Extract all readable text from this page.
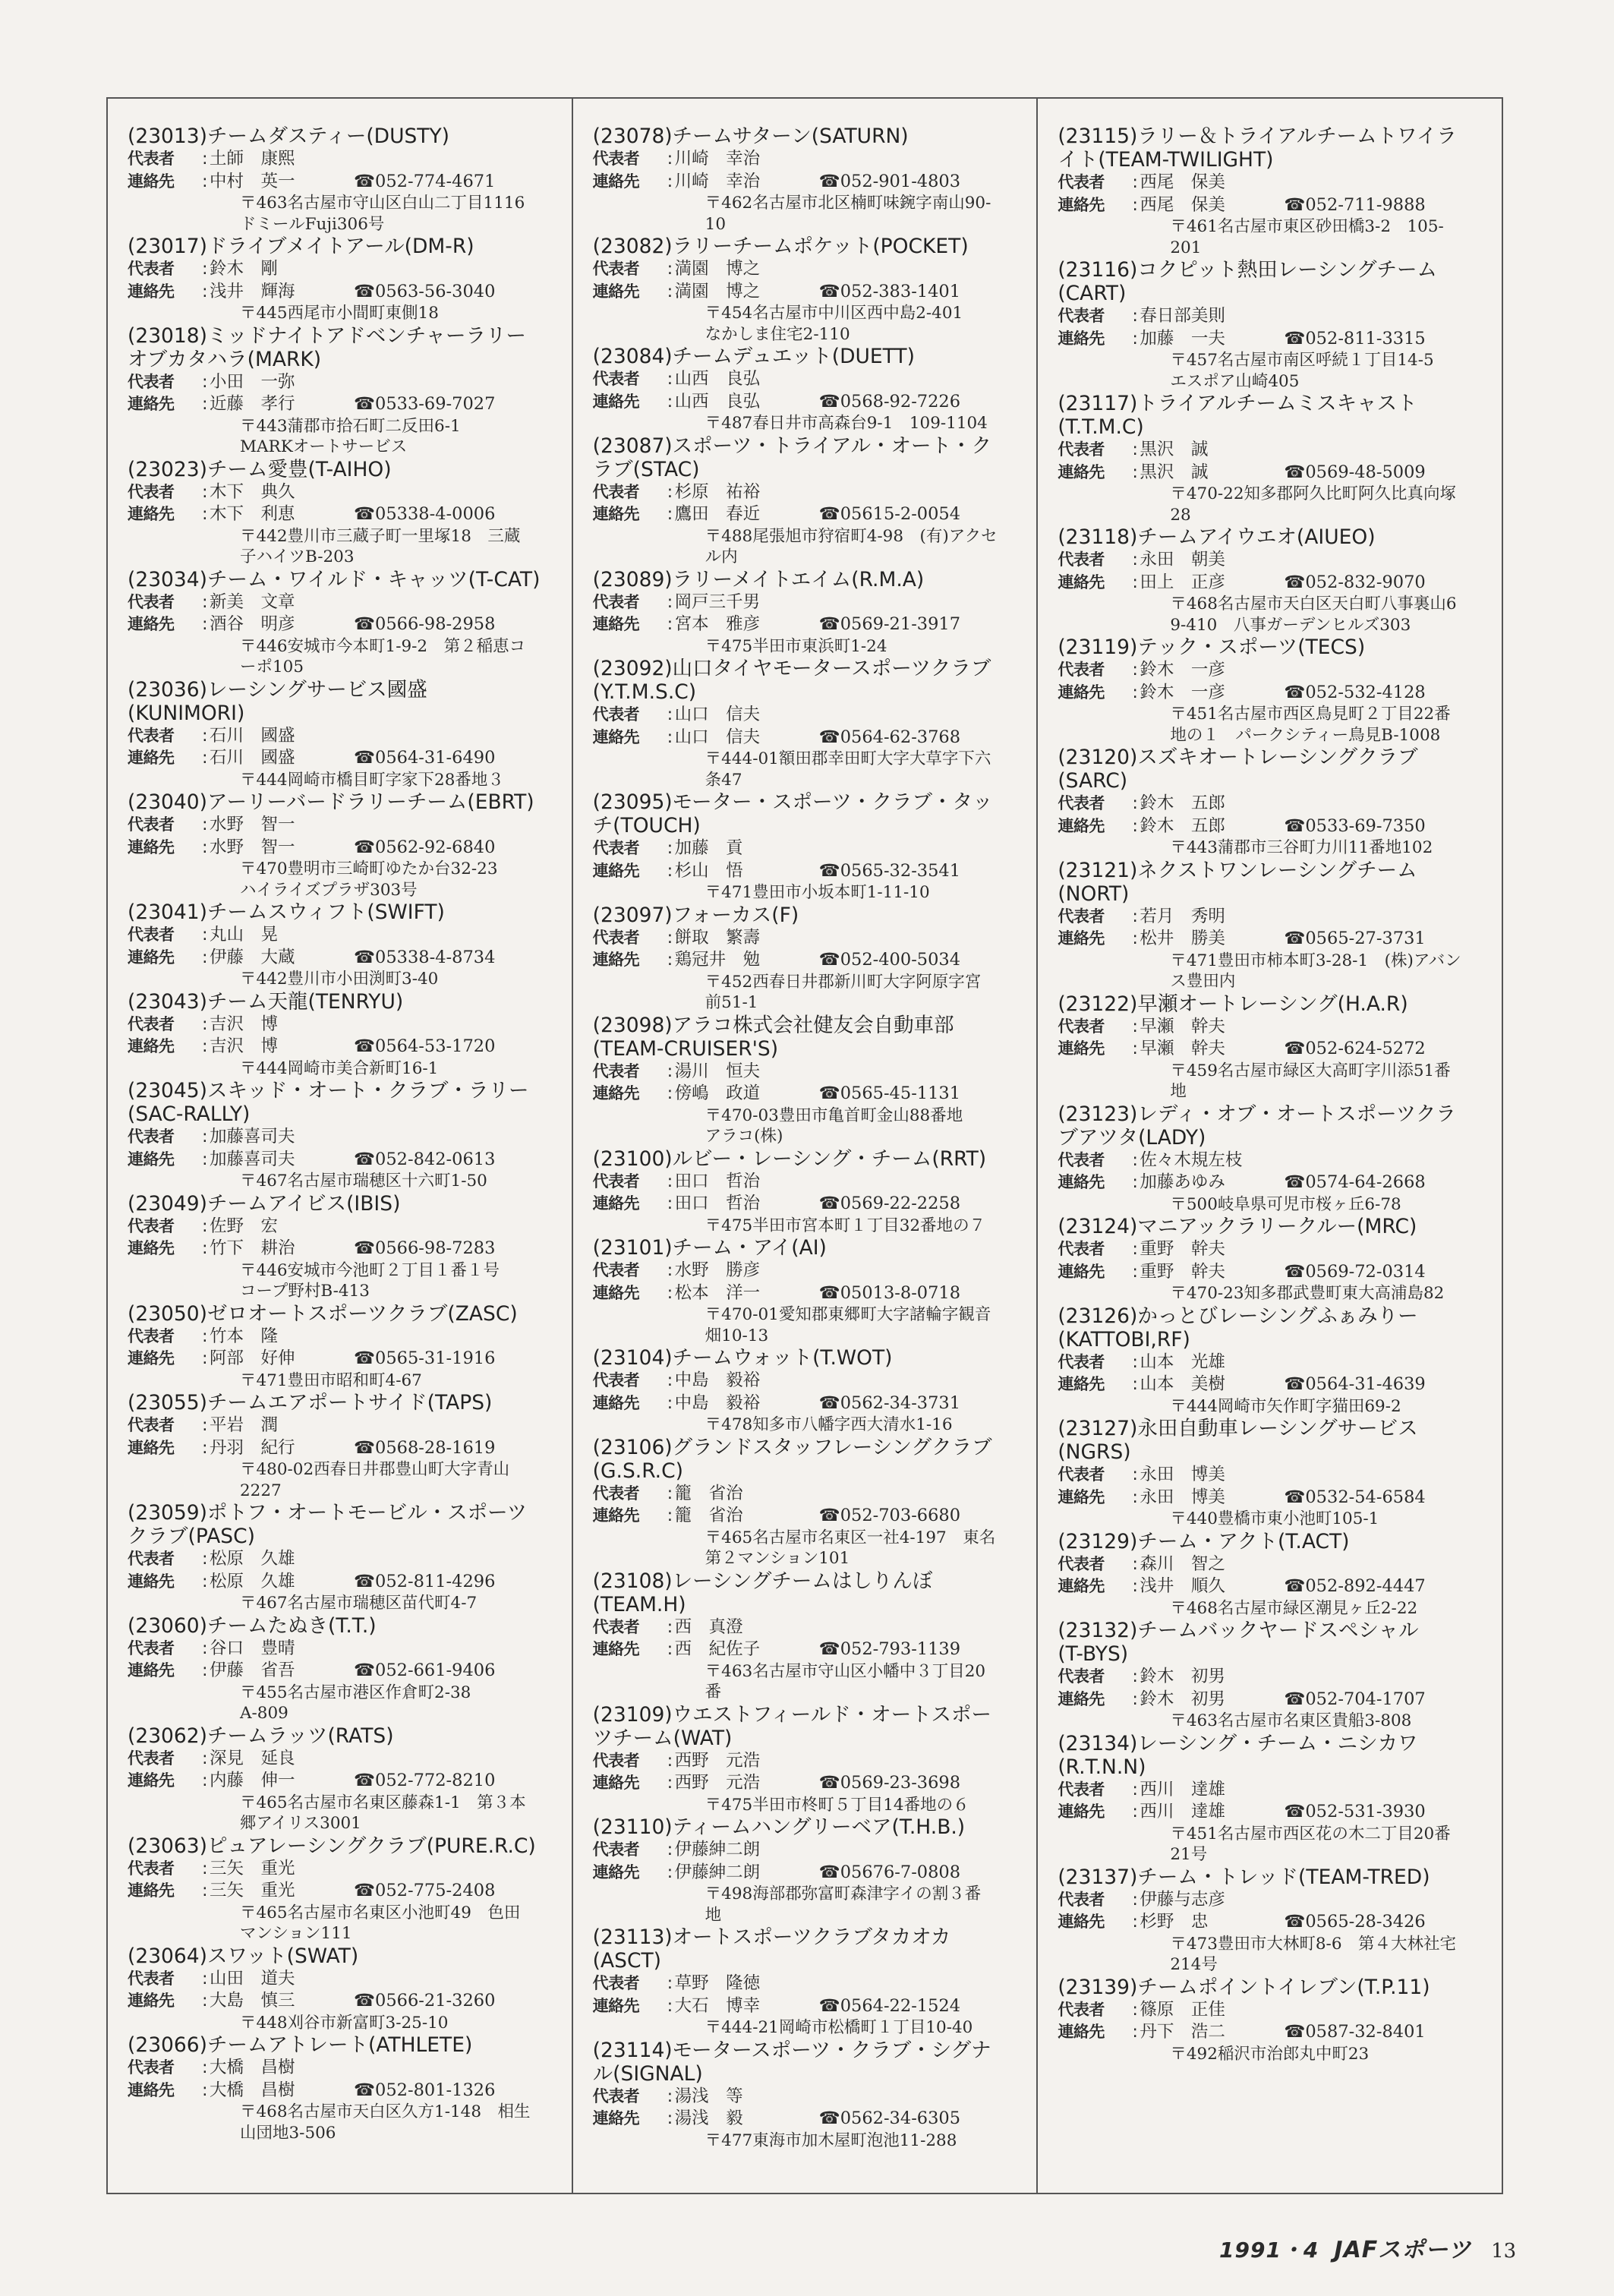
(23013)チームダスティー(DUSTY)
代表者	: 土師　康熙
連絡先	: 中村　英一	☎052-774-4671
〒463名古屋市守山区白山二丁目1116
ドミールFuji306号
(23017)ドライブメイトアール(DM-R)
代表者	: 鈴木　剛
連絡先	: 浅井　輝海	☎0563-56-3040
〒445西尾市小間町東側18
(23018)ミッドナイトアドベンチャーラリー
オブカタハラ(MARK)
代表者	: 小田　一弥
連絡先	: 近藤　孝行	☎0533-69-7027
〒443蒲郡市拾石町二反田6-1
MARKオートサービス
(23023)チーム愛豊(T-AIHO)
代表者	: 木下　典久
連絡先	: 木下　利恵	☎05338-4-0006
〒442豊川市三蔵子町一里塚18　三蔵
子ハイツB-203
(23034)チーム・ワイルド・キャッツ(T-CAT)
代表者	: 新美　文章
連絡先	: 酒谷　明彦	☎0566-98-2958
〒446安城市今本町1-9-2　第２稲恵コ
ーポ105
(23036)レーシングサービス國盛
(KUNIMORI)
代表者	: 石川　國盛
連絡先	: 石川　國盛	☎0564-31-6490
〒444岡崎市橋目町字家下28番地３
(23040)アーリーバードラリーチーム(EBRT)
代表者	: 水野　智一
連絡先	: 水野　智一	☎0562-92-6840
〒470豊明市三崎町ゆたか台32-23
ハイライズプラザ303号
(23041)チームスウィフト(SWIFT)
代表者	: 丸山　晃
連絡先	: 伊藤　大蔵	☎05338-4-8734
〒442豊川市小田渕町3-40
(23043)チーム天龍(TENRYU)
代表者	: 吉沢　博
連絡先	: 吉沢　博	☎0564-53-1720
〒444岡崎市美合新町16-1
(23045)スキッド・オート・クラブ・ラリー
(SAC-RALLY)
代表者	: 加藤喜司夫
連絡先	: 加藤喜司夫	☎052-842-0613
〒467名古屋市瑞穂区十六町1-50
(23049)チームアイビス(IBIS)
代表者	: 佐野　宏
連絡先	: 竹下　耕治	☎0566-98-7283
〒446安城市今池町２丁目１番１号
コープ野村B-413
(23050)ゼロオートスポーツクラブ(ZASC)
代表者	: 竹本　隆
連絡先	: 阿部　好伸	☎0565-31-1916
〒471豊田市昭和町4-67
(23055)チームエアポートサイド(TAPS)
代表者	: 平岩　潤
連絡先	: 丹羽　紀行	☎0568-28-1619
〒480-02西春日井郡豊山町大字青山
2227
(23059)ポトフ・オートモービル・スポーツ
クラブ(PASC)
代表者	: 松原　久雄
連絡先	: 松原　久雄	☎052-811-4296
〒467名古屋市瑞穂区苗代町4-7
(23060)チームたぬき(T.T.)
代表者	: 谷口　豊晴
連絡先	: 伊藤　省吾	☎052-661-9406
〒455名古屋市港区作倉町2-38
A-809
(23062)チームラッツ(RATS)
代表者	: 深見　延良
連絡先	: 内藤　伸一	☎052-772-8210
〒465名古屋市名東区藤森1-1　第３本
郷アイリス3001
(23063)ピュアレーシングクラブ(PURE.R.C)
代表者	: 三矢　重光
連絡先	: 三矢　重光	☎052-775-2408
〒465名古屋市名東区小池町49　色田
マンション111
(23064)スワット(SWAT)
代表者	: 山田　道夫
連絡先	: 大島　慎三	☎0566-21-3260
〒448刈谷市新富町3-25-10
(23066)チームアトレート(ATHLETE)
代表者	: 大橋　昌樹
連絡先	: 大橋　昌樹	☎052-801-1326
〒468名古屋市天白区久方1-148　相生
山団地3-506
(23078)チームサターン(SATURN)
代表者	: 川崎　幸治
連絡先	: 川崎　幸治	☎052-901-4803
〒462名古屋市北区楠町味鋺字南山90-
10
(23082)ラリーチームポケット(POCKET)
代表者	: 満園　博之
連絡先	: 満園　博之	☎052-383-1401
〒454名古屋市中川区西中島2-401
なかしま住宅2-110
(23084)チームデュエット(DUETT)
代表者	: 山西　良弘
連絡先	: 山西　良弘	☎0568-92-7226
〒487春日井市高森台9-1　109-1104
(23087)スポーツ・トライアル・オート・ク
ラブ(STAC)
代表者	: 杉原　祐裕
連絡先	: 鷹田　春近	☎05615-2-0054
〒488尾張旭市狩宿町4-98　(有)アクセ
ル内
(23089)ラリーメイトエイム(R.M.A)
代表者	: 岡戸三千男
連絡先	: 宮本　雅彦	☎0569-21-3917
〒475半田市東浜町1-24
(23092)山口タイヤモータースポーツクラブ
(Y.T.M.S.C)
代表者	: 山口　信夫
連絡先	: 山口　信夫	☎0564-62-3768
〒444-01額田郡幸田町大字大草字下六
条47
(23095)モーター・スポーツ・クラブ・タッ
チ(TOUCH)
代表者	: 加藤　貢
連絡先	: 杉山　悟	☎0565-32-3541
〒471豊田市小坂本町1-11-10
(23097)フォーカス(F)
代表者	: 餅取　繁壽
連絡先	: 鶏冠井　勉	☎052-400-5034
〒452西春日井郡新川町大字阿原字宮
前51-1
(23098)アラコ株式会社健友会自動車部
(TEAM-CRUISER'S)
代表者	: 湯川　恒夫
連絡先	: 傍嶋　政道	☎0565-45-1131
〒470-03豊田市亀首町金山88番地
アラコ(株)
(23100)ルビー・レーシング・チーム(RRT)
代表者	: 田口　哲治
連絡先	: 田口　哲治	☎0569-22-2258
〒475半田市宮本町１丁目32番地の７
(23101)チーム・アイ(AI)
代表者	: 水野　勝彦
連絡先	: 松本　洋一	☎05013-8-0718
〒470-01愛知郡東郷町大字諸輪字観音
畑10-13
(23104)チームウォット(T.WOT)
代表者	: 中島　毅裕
連絡先	: 中島　毅裕	☎0562-34-3731
〒478知多市八幡字西大清水1-16
(23106)グランドスタッフレーシングクラブ
(G.S.R.C)
代表者	: 籠　省治
連絡先	: 籠　省治	☎052-703-6680
〒465名古屋市名東区一社4-197　東名
第２マンション101
(23108)レーシングチームはしりんぼ
(TEAM.H)
代表者	: 西　真澄
連絡先	: 西　紀佐子	☎052-793-1139
〒463名古屋市守山区小幡中３丁目20
番
(23109)ウエストフィールド・オートスポー
ツチーム(WAT)
代表者	: 西野　元浩
連絡先	: 西野　元浩	☎0569-23-3698
〒475半田市柊町５丁目14番地の６
(23110)ティームハングリーベア(T.H.B.)
代表者	: 伊藤紳二朗
連絡先	: 伊藤紳二朗	☎05676-7-0808
〒498海部郡弥富町森津字イの割３番
地
(23113)オートスポーツクラブタカオカ
(ASCT)
代表者	: 草野　隆徳
連絡先	: 大石　博幸	☎0564-22-1524
〒444-21岡崎市松橋町１丁目10-40
(23114)モータースポーツ・クラブ・シグナ
ル(SIGNAL)
代表者	: 湯浅　等
連絡先	: 湯浅　毅	☎0562-34-6305
〒477東海市加木屋町泡池11-288
(23115)ラリー＆トライアルチームトワイラ
イト(TEAM-TWILIGHT)
代表者	: 西尾　保美
連絡先	: 西尾　保美	☎052-711-9888
〒461名古屋市東区砂田橋3-2　105-
201
(23116)コクピット熱田レーシングチーム
(CART)
代表者	: 春日部美則
連絡先	: 加藤　一夫	☎052-811-3315
〒457名古屋市南区呼続１丁目14-5
エスポア山崎405
(23117)トライアルチームミスキャスト
(T.T.M.C)
代表者	: 黒沢　誠
連絡先	: 黒沢　誠	☎0569-48-5009
〒470-22知多郡阿久比町阿久比真向塚
28
(23118)チームアイウエオ(AIUEO)
代表者	: 永田　朝美
連絡先	: 田上　正彦	☎052-832-9070
〒468名古屋市天白区天白町八事裏山6
9-410　八事ガーデンヒルズ303
(23119)テック・スポーツ(TECS)
代表者	: 鈴木　一彦
連絡先	: 鈴木　一彦	☎052-532-4128
〒451名古屋市西区鳥見町２丁目22番
地の１　パークシティー鳥見B-1008
(23120)スズキオートレーシングクラブ
(SARC)
代表者	: 鈴木　五郎
連絡先	: 鈴木　五郎	☎0533-69-7350
〒443蒲郡市三谷町力川11番地102
(23121)ネクストワンレーシングチーム
(NORT)
代表者	: 若月　秀明
連絡先	: 松井　勝美	☎0565-27-3731
〒471豊田市柿本町3-28-1　(株)アバン
ス豊田内
(23122)早瀬オートレーシング(H.A.R)
代表者	: 早瀬　幹夫
連絡先	: 早瀬　幹夫	☎052-624-5272
〒459名古屋市緑区大高町字川添51番
地
(23123)レディ・オブ・オートスポーツクラ
ブアツタ(LADY)
代表者	: 佐々木規左枝
連絡先	: 加藤あゆみ	☎0574-64-2668
〒500岐阜県可児市桜ヶ丘6-78
(23124)マニアックラリークルー(MRC)
代表者	: 重野　幹夫
連絡先	: 重野　幹夫	☎0569-72-0314
〒470-23知多郡武豊町東大高浦島82
(23126)かっとびレーシングふぁみりー
(KATTOBI,RF)
代表者	: 山本　光雄
連絡先	: 山本　美樹	☎0564-31-4639
〒444岡崎市矢作町字猫田69-2
(23127)永田自動車レーシングサービス
(NGRS)
代表者	: 永田　博美
連絡先	: 永田　博美	☎0532-54-6584
〒440豊橋市東小池町105-1
(23129)チーム・アクト(T.ACT)
代表者	: 森川　智之
連絡先	: 浅井　順久	☎052-892-4447
〒468名古屋市緑区潮見ヶ丘2-22
(23132)チームバックヤードスペシャル
(T-BYS)
代表者	: 鈴木　初男
連絡先	: 鈴木　初男	☎052-704-1707
〒463名古屋市名東区貴船3-808
(23134)レーシング・チーム・ニシカワ
(R.T.N.N)
代表者	: 西川　達雄
連絡先	: 西川　達雄	☎052-531-3930
〒451名古屋市西区花の木二丁目20番
21号
(23137)チーム・トレッド(TEAM-TRED)
代表者	: 伊藤与志彦
連絡先	: 杉野　忠	☎0565-28-3426
〒473豊田市大林町8-6　第４大林社宅
214号
(23139)チームポイントイレブン(T.P.11)
代表者	: 篠原　正佳
連絡先	: 丹下　浩二	☎0587-32-8401
〒492稲沢市治郎丸中町23
1991・4 JAFスポーツ 13
